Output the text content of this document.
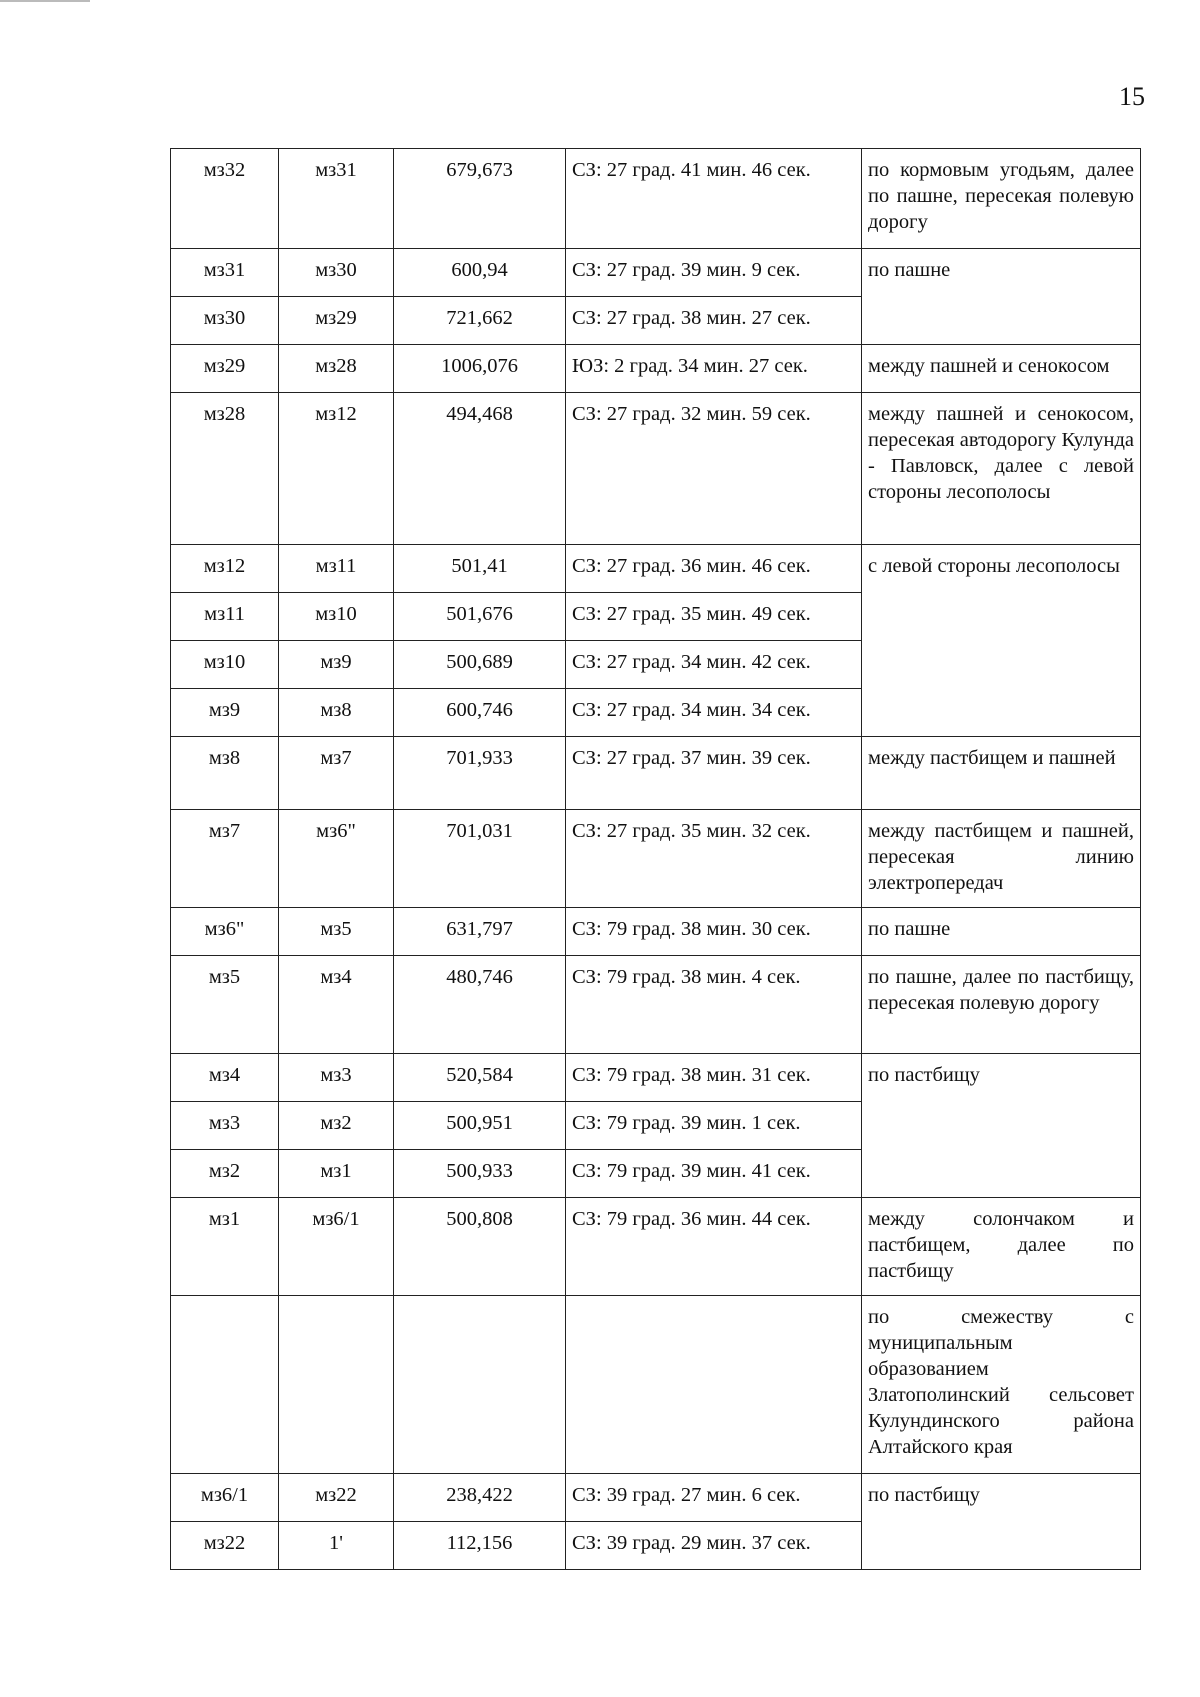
15
мз32	мз31	679,673	СЗ: 27 град. 41 мин. 46 сек.	по кормовым угодьям, далее по пашне, пересекая полевую дорогу
мз31	мз30	600,94	СЗ: 27 град. 39 мин. 9 сек.	по пашне
мз30	мз29	721,662	СЗ: 27 град. 38 мин. 27 сек.	
мз29	мз28	1006,076	ЮЗ: 2 град. 34 мин. 27 сек.	между пашней и сенокосом
мз28	мз12	494,468	СЗ: 27 град. 32 мин. 59 сек.	между пашней и сенокосом, пересекая автодорогу Кулунда - Павловск, далее с левой стороны лесополосы
мз12	мз11	501,41	СЗ: 27 град. 36 мин. 46 сек.	с левой стороны лесополосы
мз11	мз10	501,676	СЗ: 27 град. 35 мин. 49 сек.	
мз10	мз9	500,689	СЗ: 27 град. 34 мин. 42 сек.	
мз9	мз8	600,746	СЗ: 27 град. 34 мин. 34 сек.	
мз8	мз7	701,933	СЗ: 27 град. 37 мин. 39 сек.	между пастбищем и пашней
мз7	мз6"	701,031	СЗ: 27 град. 35 мин. 32 сек.	между пастбищем и пашней, пересекая линию электропередач
мз6"	мз5	631,797	СЗ: 79 град. 38 мин. 30 сек.	по пашне
мз5	мз4	480,746	СЗ: 79 град. 38 мин. 4 сек.	по пашне, далее по пастбищу, пересекая полевую дорогу
мз4	мз3	520,584	СЗ: 79 град. 38 мин. 31 сек.	по пастбищу
мз3	мз2	500,951	СЗ: 79 град. 39 мин. 1 сек.	
мз2	мз1	500,933	СЗ: 79 град. 39 мин. 41 сек.	
мз1	мз6/1	500,808	СЗ: 79 град. 36 мин. 44 сек.	между солончаком и пастбищем, далее по пастбищу
				по смежеству с муниципальным образованием Златополинский сельсовет Кулундинского района Алтайского края
мз6/1	мз22	238,422	СЗ: 39 град. 27 мин. 6 сек.	по пастбищу
мз22	1'	112,156	СЗ: 39 град. 29 мин. 37 сек.	
